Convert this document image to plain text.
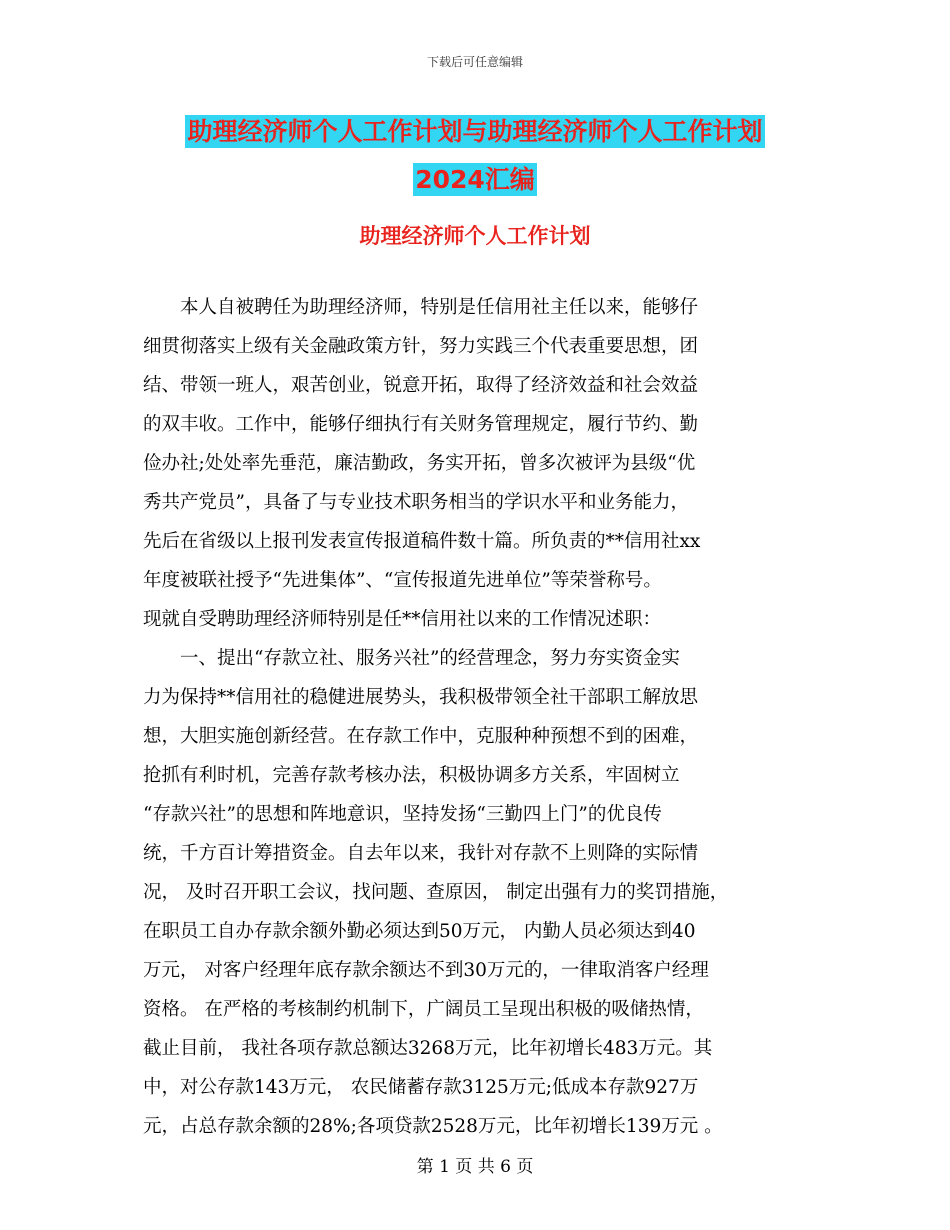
下载后可任意编辑
助理经济师个人工作计划与助理经济师个人工作计划
2024汇编
助理经济师个人工作计划
　　本人自被聘任为助理经济师，特别是任信用社主任以来，能够仔
细贯彻落实上级有关金融政策方针，努力实践三个代表重要思想，团
结、带领一班人，艰苦创业，锐意开拓，取得了经济效益和社会效益
的双丰收。工作中，能够仔细执行有关财务管理规定，履行节约、勤
俭办社;处处率先垂范，廉洁勤政，务实开拓，曾多次被评为县级“优
秀共产党员”，具备了与专业技术职务相当的学识水平和业务能力，
先后在省级以上报刊发表宣传报道稿件数十篇。所负责的**信用社xx
年度被联社授予“先进集体”、“宣传报道先进单位”等荣誉称号。
现就自受聘助理经济师特别是任**信用社以来的工作情况述职：
　　一、提出“存款立社、服务兴社”的经营理念，努力夯实资金实
力为保持**信用社的稳健进展势头，我积极带领全社干部职工解放思
想，大胆实施创新经营。在存款工作中，克服种种预想不到的困难，
抢抓有利时机，完善存款考核办法，积极协调多方关系，牢固树立
“存款兴社”的思想和阵地意识，坚持发扬“三勤四上门”的优良传
统，千方百计筹措资金。自去年以来，我针对存款不上则降的实际情
况， 及时召开职工会议，找问题、查原因， 制定出强有力的奖罚措施，
在职员工自办存款余额外勤必须达到50万元， 内勤人员必须达到40
万元， 对客户经理年底存款余额达不到30万元的，一律取消客户经理
资格。 在严格的考核制约机制下，广阔员工呈现出积极的吸储热情，
截止目前， 我社各项存款总额达3268万元，比年初增长483万元。其
中，对公存款143万元， 农民储蓄存款3125万元;低成本存款927万
元，占总存款余额的28%;各项贷款2528万元，比年初增长139万元 。
第 1 页 共 6 页
